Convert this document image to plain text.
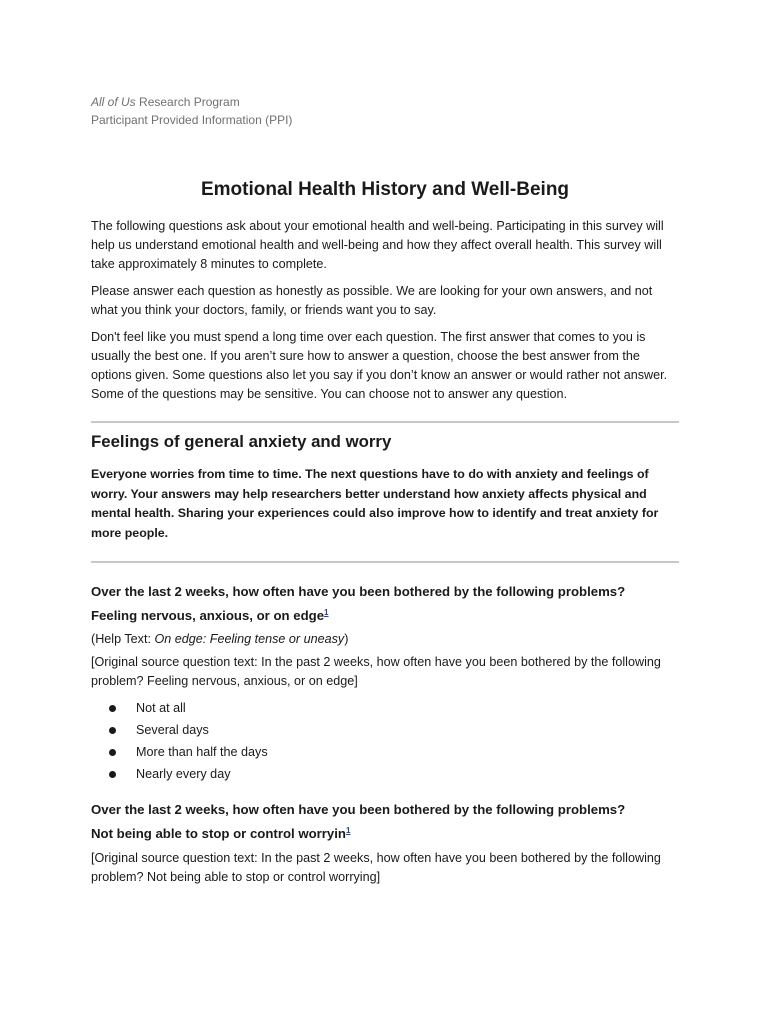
All of Us Research Program
Participant Provided Information (PPI)
Emotional Health History and Well-Being

The following questions ask about your emotional health and well-being. Participating in this survey will help us understand emotional health and well-being and how they affect overall health. This survey will take approximately 8 minutes to complete.

Please answer each question as honestly as possible. We are looking for your own answers, and not what you think your doctors, family, or friends want you to say.

Don't feel like you must spend a long time over each question. The first answer that comes to you is usually the best one. If you aren’t sure how to answer a question, choose the best answer from the options given. Some questions also let you say if you don’t know an answer or would rather not answer. Some of the questions may be sensitive. You can choose not to answer any question.

Feelings of general anxiety and worry

Everyone worries from time to time. The next questions have to do with anxiety and feelings of worry. Your answers may help researchers better understand how anxiety affects physical and mental health. Sharing your experiences could also improve how to identify and treat anxiety for more people.

Over the last 2 weeks, how often have you been bothered by the following problems?
Feeling nervous, anxious, or on edge$^1$

(Help Text: On edge: Feeling tense or uneasy)

[Original source question text: In the past 2 weeks, how often have you been bothered by the following problem? Feeling nervous, anxious, or on edge]

Not at all
Several days
More than half the days
Nearly every day
Over the last 2 weeks, how often have you been bothered by the following problems?
Not being able to stop or control worryin$^1$

[Original source question text: In the past 2 weeks, how often have you been bothered by the following problem? Not being able to stop or control worrying]
